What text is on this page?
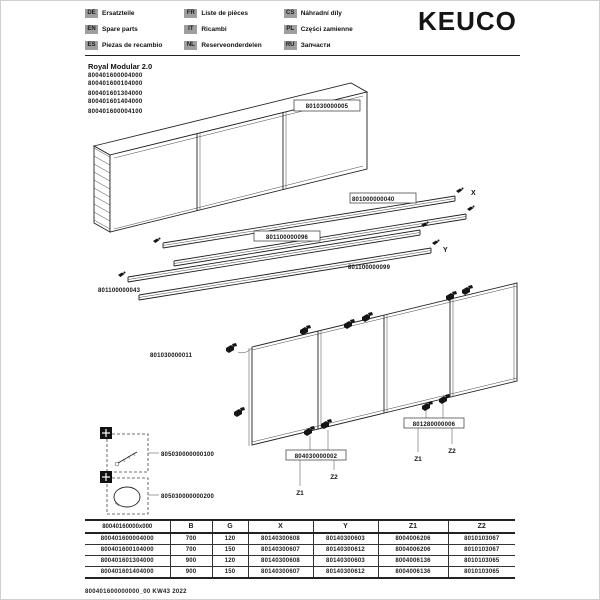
801030000005
801000000040
801100000096
801100000099
801100000043
X
Y
801030000011
804030000002
Z1
Z2
801280000006
Z1
Z2
805030000000100
805030000000200
DE Ersatzteile
EN Spare parts
ES	Piezas de recambio
FR	Liste de pièces
IT	Ricambi
NL	Reserveonderdelen
CS Náhradní díly
PL	Części zamienne
RU Запчасти
KEUCO
Royal Modular 2.0
800401600004000
800401600104000
800401601304000
800401601404000
800401600004100
80040160000x000	B	G	X	Y	Z1	Z2
800401600004000	700	120	80140300608	80140300603	8004006206	8010103067
800401600104000	700	150	80140300607	80140300612	8004006206	8010103067
800401601304000	900	120	80140300608	80140300603	8004006136	8010103065
800401601404000	900	150	80140300607	80140300612	8004006136	8010103065
800401600000000_00 KW43 2022
